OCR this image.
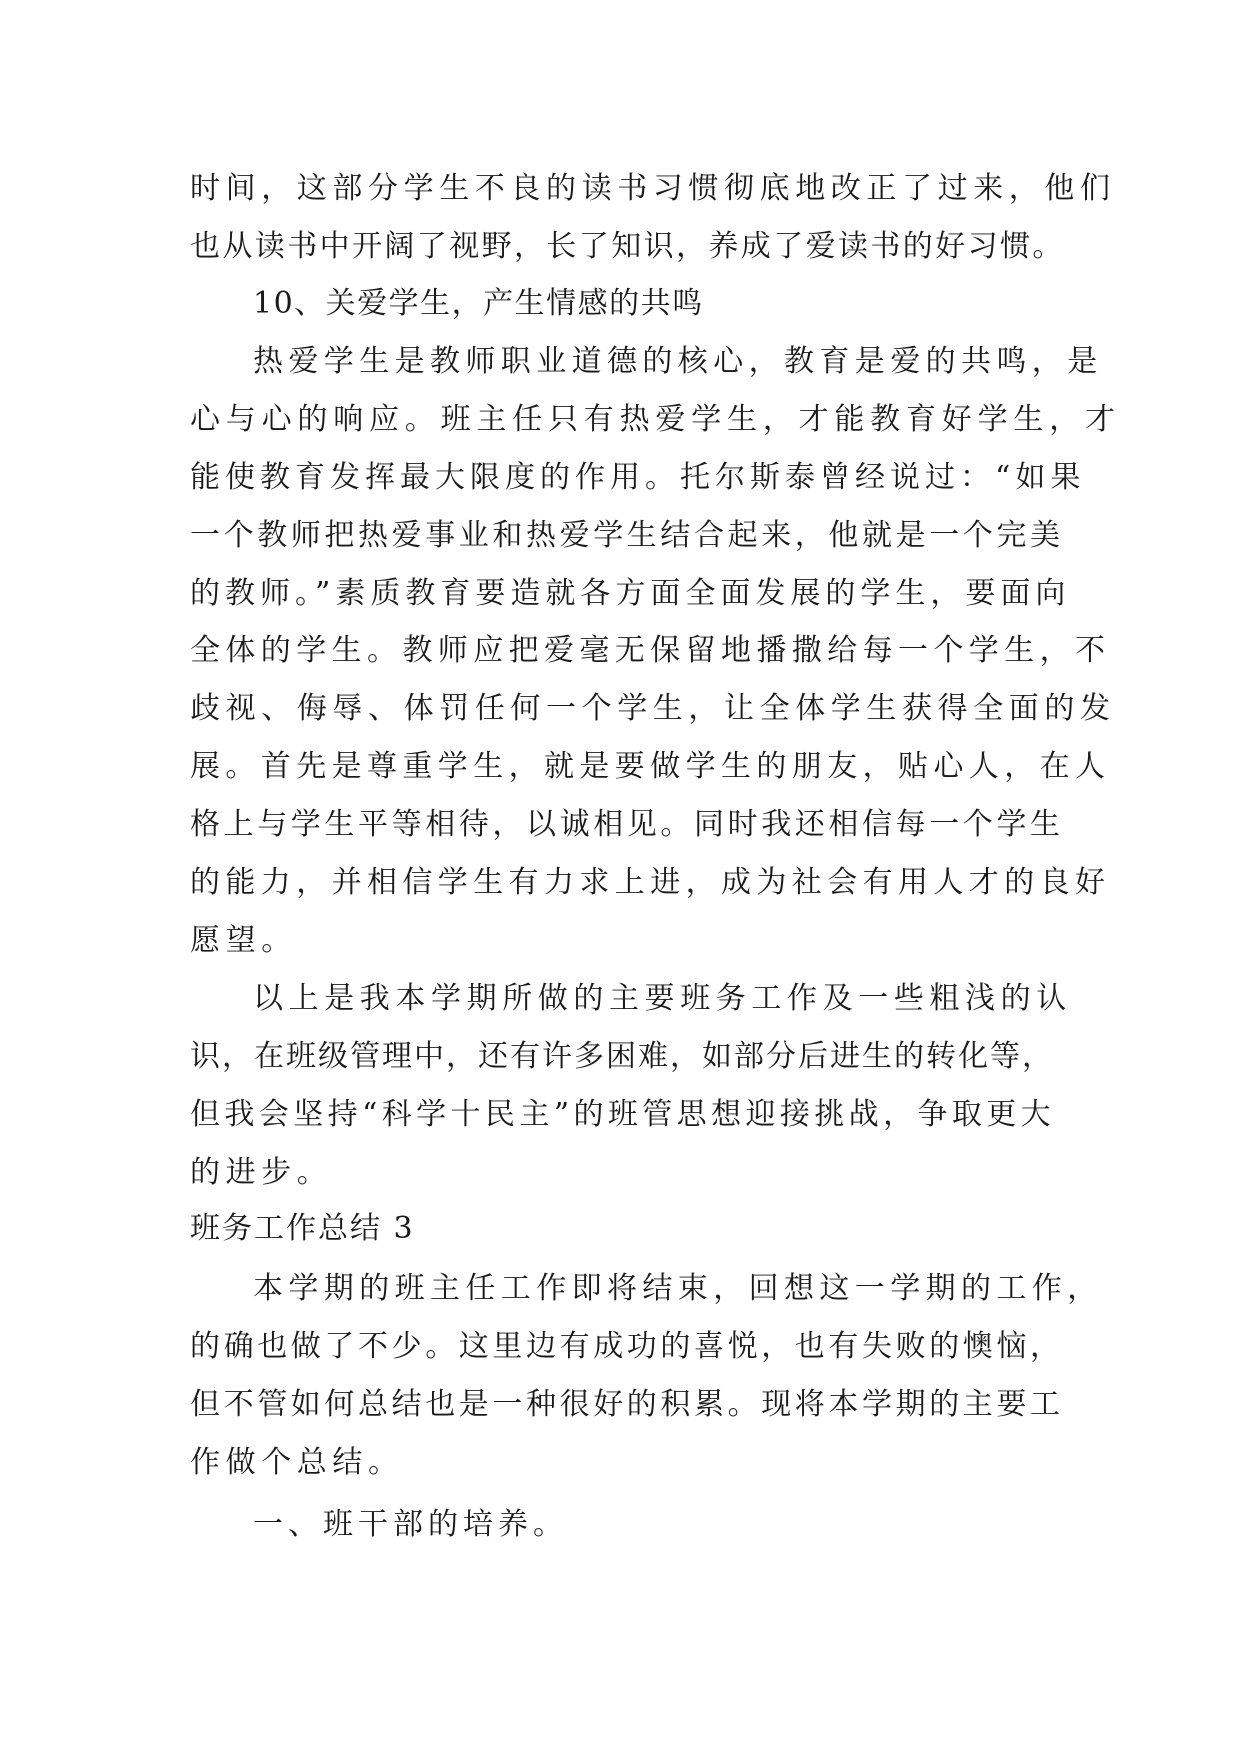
时间，这部分学生不良的读书习惯彻底地改正了过来，他们
也从读书中开阔了视野，长了知识，养成了爱读书的好习惯。
10、关爱学生，产生情感的共鸣
热爱学生是教师职业道德的核心，教育是爱的共鸣，是
心与心的响应。班主任只有热爱学生，才能教育好学生，才
能使教育发挥最大限度的作用。托尔斯泰曾经说过：“如果
一个教师把热爱事业和热爱学生结合起来，他就是一个完美
的教师。”素质教育要造就各方面全面发展的学生，要面向
全体的学生。教师应把爱毫无保留地播撒给每一个学生，不
歧视、侮辱、体罚任何一个学生，让全体学生获得全面的发
展。首先是尊重学生，就是要做学生的朋友，贴心人，在人
格上与学生平等相待，以诚相见。同时我还相信每一个学生
的能力，并相信学生有力求上进，成为社会有用人才的良好
愿望。
以上是我本学期所做的主要班务工作及一些粗浅的认
识，在班级管理中，还有许多困难，如部分后进生的转化等，
但我会坚持“科学十民主”的班管思想迎接挑战，争取更大
的进步。
班务工作总结 3
本学期的班主任工作即将结束，回想这一学期的工作，
的确也做了不少。这里边有成功的喜悦，也有失败的懊恼，
但不管如何总结也是一种很好的积累。现将本学期的主要工
作做个总结。
一、班干部的培养。
